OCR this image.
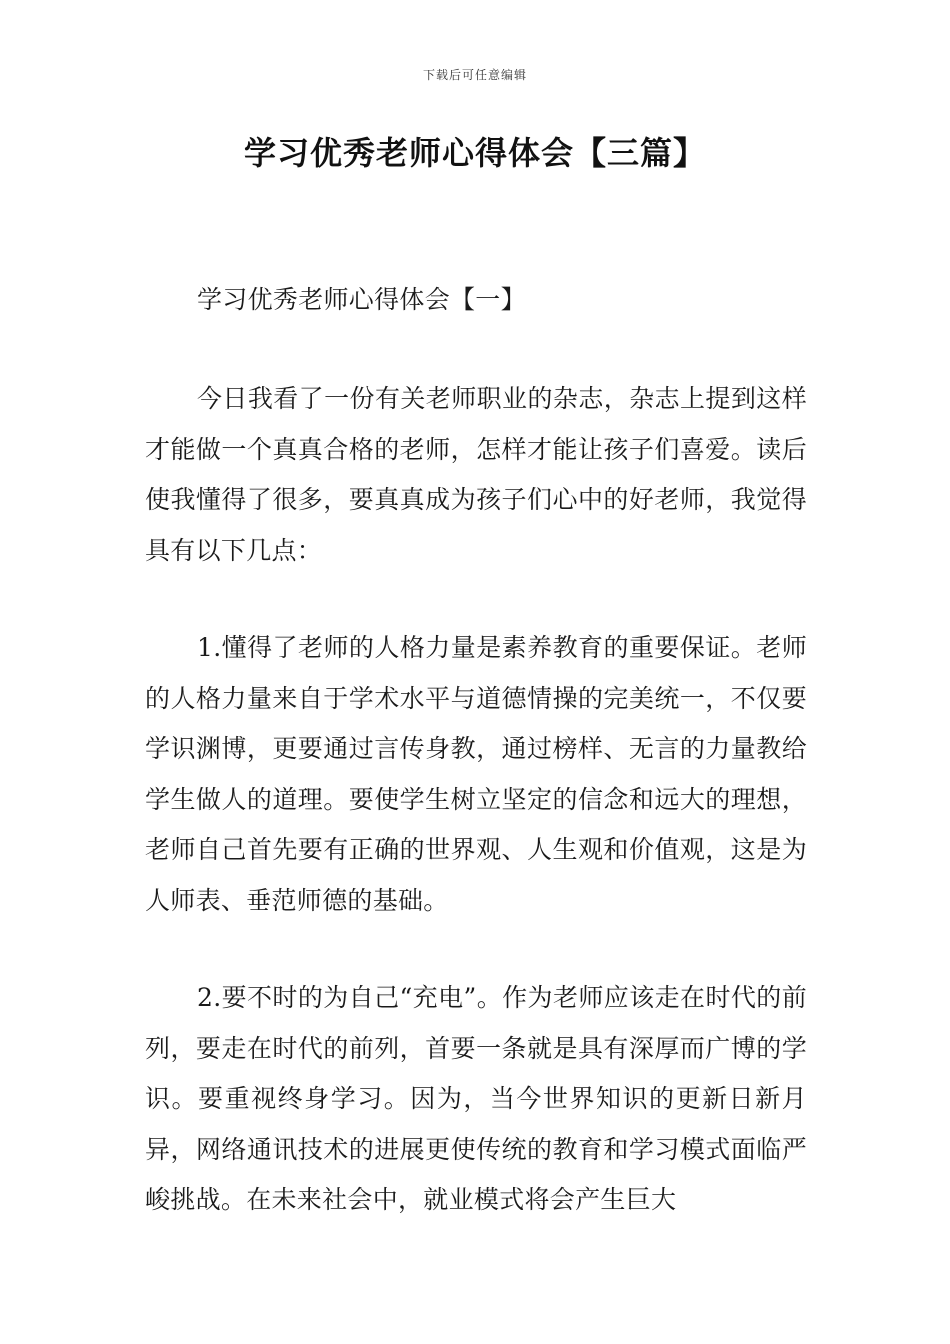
下载后可任意编辑
学习优秀老师心得体会【三篇】

学习优秀老师心得体会【一】

今日我看了一份有关老师职业的杂志，杂志上提到这样才能做一个真真合格的老师，怎样才能让孩子们喜爱。读后使我懂得了很多，要真真成为孩子们心中的好老师，我觉得具有以下几点：

1.懂得了老师的人格力量是素养教育的重要保证。老师的人格力量来自于学术水平与道德情操的完美统一，不仅要学识渊博，更要通过言传身教，通过榜样、无言的力量教给学生做人的道理。要使学生树立坚定的信念和远大的理想，老师自己首先要有正确的世界观、人生观和价值观，这是为人师表、垂范师德的基础。

2.要不时的为自己“充电”。作为老师应该走在时代的前列，要走在时代的前列，首要一条就是具有深厚而广博的学识。要重视终身学习。因为，当今世界知识的更新日新月异，网络通讯技术的进展更使传统的教育和学习模式面临严峻挑战。在未来社会中，就业模式将会产生巨大
